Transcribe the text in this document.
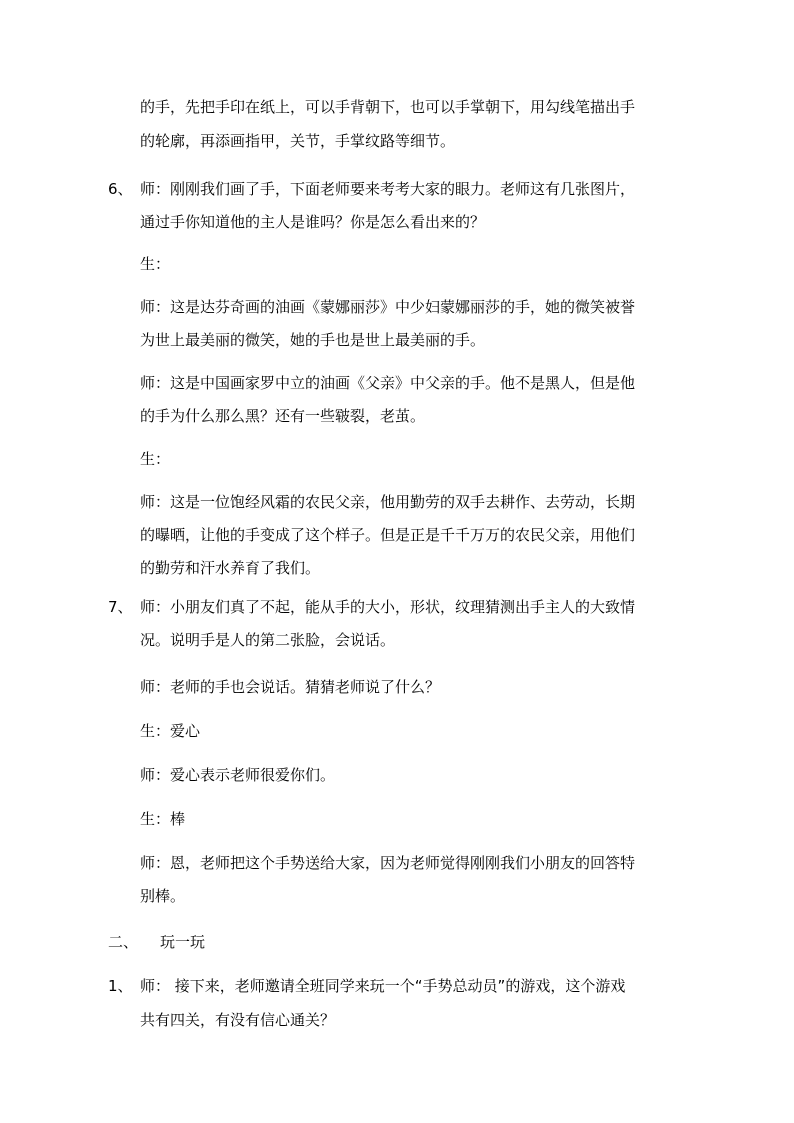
的手，先把手印在纸上，可以手背朝下，也可以手掌朝下，用勾线笔描出手
的轮廓，再添画指甲，关节，手掌纹路等细节。
6、 师：刚刚我们画了手，下面老师要来考考大家的眼力。老师这有几张图片，
通过手你知道他的主人是谁吗？你是怎么看出来的？
生：
师：这是达芬奇画的油画《蒙娜丽莎》中少妇蒙娜丽莎的手，她的微笑被誉
为世上最美丽的微笑，她的手也是世上最美丽的手。
师：这是中国画家罗中立的油画《父亲》中父亲的手。他不是黑人，但是他
的手为什么那么黑？还有一些皲裂，老茧。
生：
师：这是一位饱经风霜的农民父亲，他用勤劳的双手去耕作、去劳动，长期
的曝晒，让他的手变成了这个样子。但是正是千千万万的农民父亲，用他们
的勤劳和汗水养育了我们。
7、 师：小朋友们真了不起，能从手的大小，形状，纹理猜测出手主人的大致情
况。说明手是人的第二张脸，会说话。
师：老师的手也会说话。猜猜老师说了什么？
生：爱心
师：爱心表示老师很爱你们。
生：棒
师：恩，老师把这个手势送给大家，因为老师觉得刚刚我们小朋友的回答特
别棒。
二、 玩一玩
1、 师： 接下来，老师邀请全班同学来玩一个“手势总动员”的游戏，这个游戏
共有四关，有没有信心通关？
